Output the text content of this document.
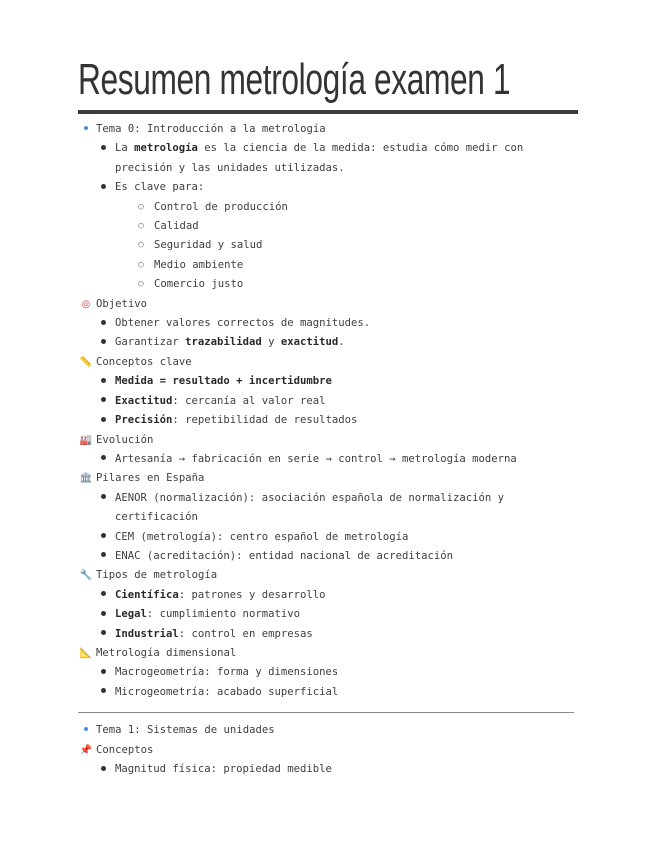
Resumen metrología examen 1
Tema 0: Introducción a la metrología
La metrología es la ciencia de la medida: estudia cómo medir con precisión y las unidades utilizadas.
Es clave para:
○ Control de producción
○ Calidad
○ Seguridad y salud
○ Medio ambiente
○ Comercio justo
◎ Objetivo
Obtener valores correctos de magnitudes.
Garantizar trazabilidad y exactitud.
📏 Conceptos clave
Medida = resultado + incertidumbre
Exactitud: cercanía al valor real
Precisión: repetibilidad de resultados
🏭 Evolución
Artesanía → fabricación en serie → control → metrología moderna
🏛 Pilares en España
AENOR (normalización): asociación española de normalización y certificación
CEM (metrología): centro español de metrología
ENAC (acreditación): entidad nacional de acreditación
🔧 Tipos de metrología
Científica: patrones y desarrollo
Legal: cumplimiento normativo
Industrial: control en empresas
📐 Metrología dimensional
Macrogeometría: forma y dimensiones
Microgeometría: acabado superficial
Tema 1: Sistemas de unidades
📌 Conceptos
Magnitud física: propiedad medible
